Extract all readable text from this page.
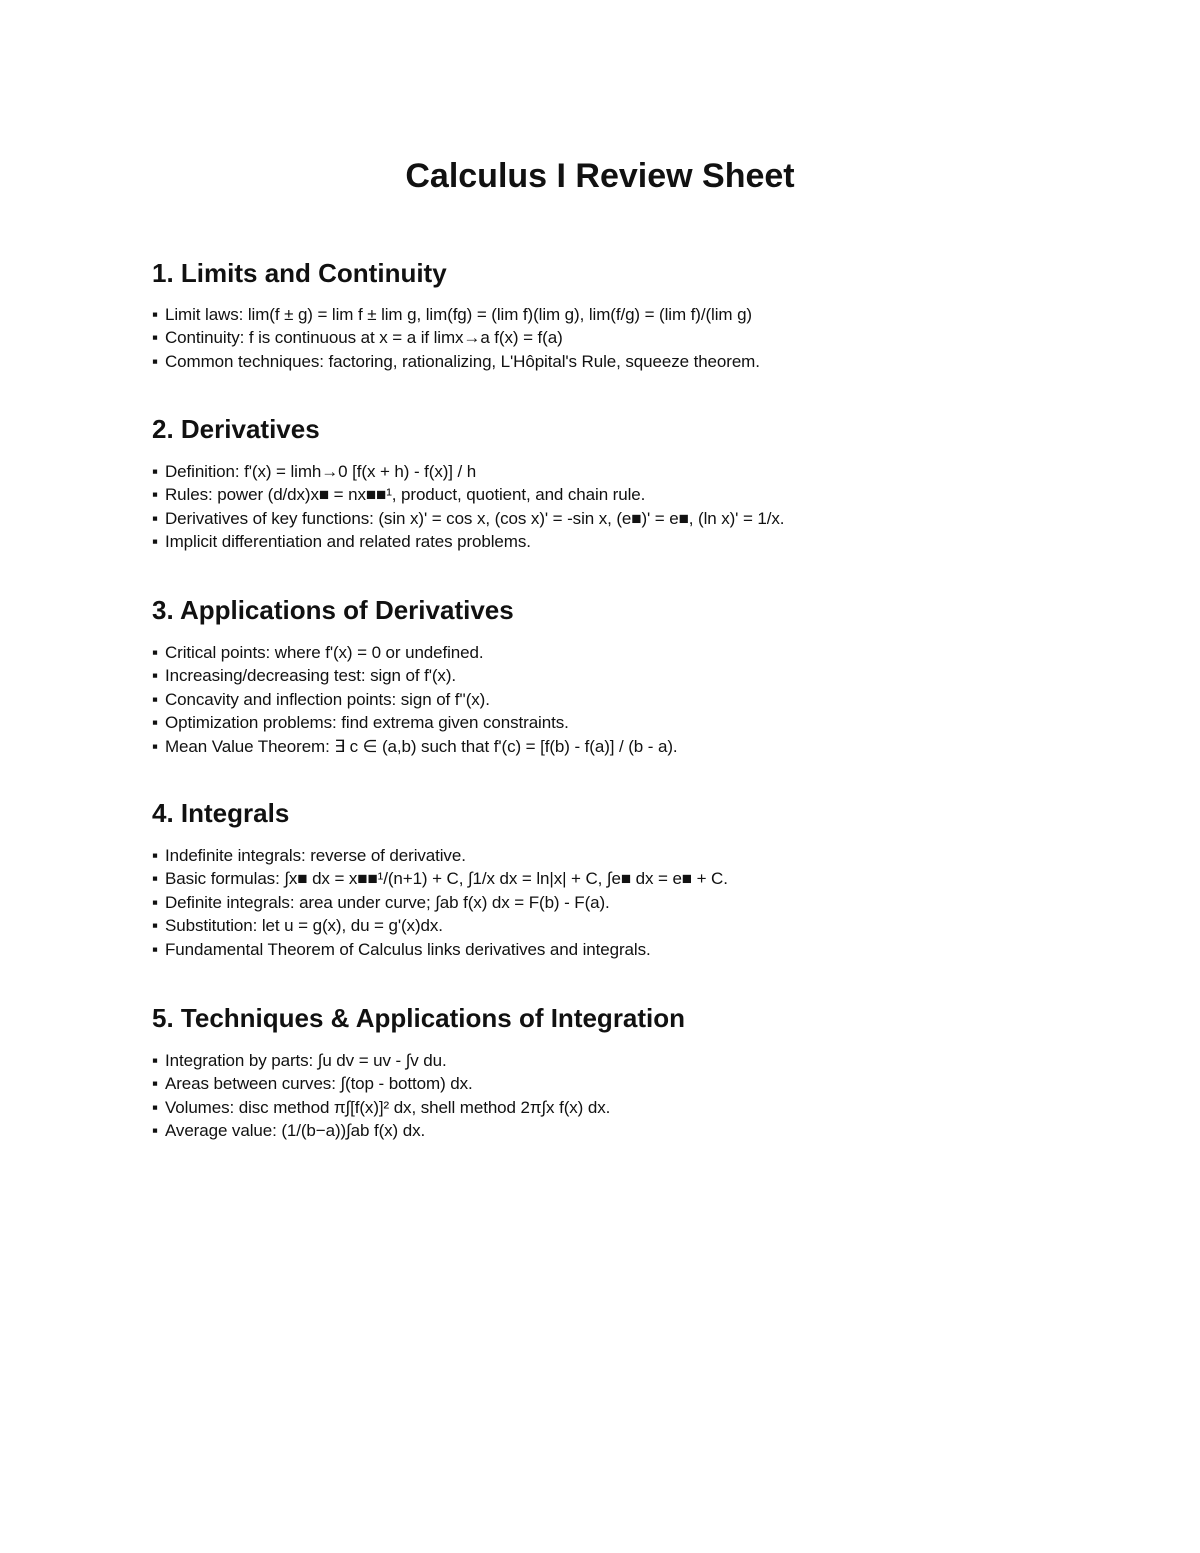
Calculus I Review Sheet
1. Limits and Continuity
▪ Limit laws: lim(f ± g) = lim f ± lim g, lim(fg) = (lim f)(lim g), lim(f/g) = (lim f)/(lim g)
▪ Continuity: f is continuous at x = a if limx→a f(x) = f(a)
▪ Common techniques: factoring, rationalizing, L'Hôpital's Rule, squeeze theorem.
2. Derivatives
▪ Definition: f'(x) = limh→0 [f(x + h) - f(x)] / h
▪ Rules: power (d/dx)x■ = nx■■¹, product, quotient, and chain rule.
▪ Derivatives of key functions: (sin x)' = cos x, (cos x)' = -sin x, (e■)' = e■, (ln x)' = 1/x.
▪ Implicit differentiation and related rates problems.
3. Applications of Derivatives
▪ Critical points: where f'(x) = 0 or undefined.
▪ Increasing/decreasing test: sign of f'(x).
▪ Concavity and inflection points: sign of f''(x).
▪ Optimization problems: find extrema given constraints.
▪ Mean Value Theorem: ∃ c ∈ (a,b) such that f'(c) = [f(b) - f(a)] / (b - a).
4. Integrals
▪ Indefinite integrals: reverse of derivative.
▪ Basic formulas: ∫x■ dx = x■■¹/(n+1) + C, ∫1/x dx = ln|x| + C, ∫e■ dx = e■ + C.
▪ Definite integrals: area under curve; ∫ab f(x) dx = F(b) - F(a).
▪ Substitution: let u = g(x), du = g'(x)dx.
▪ Fundamental Theorem of Calculus links derivatives and integrals.
5. Techniques & Applications of Integration
▪ Integration by parts: ∫u dv = uv - ∫v du.
▪ Areas between curves: ∫(top - bottom) dx.
▪ Volumes: disc method π∫[f(x)]² dx, shell method 2π∫x f(x) dx.
▪ Average value: (1/(b−a))∫ab f(x) dx.
